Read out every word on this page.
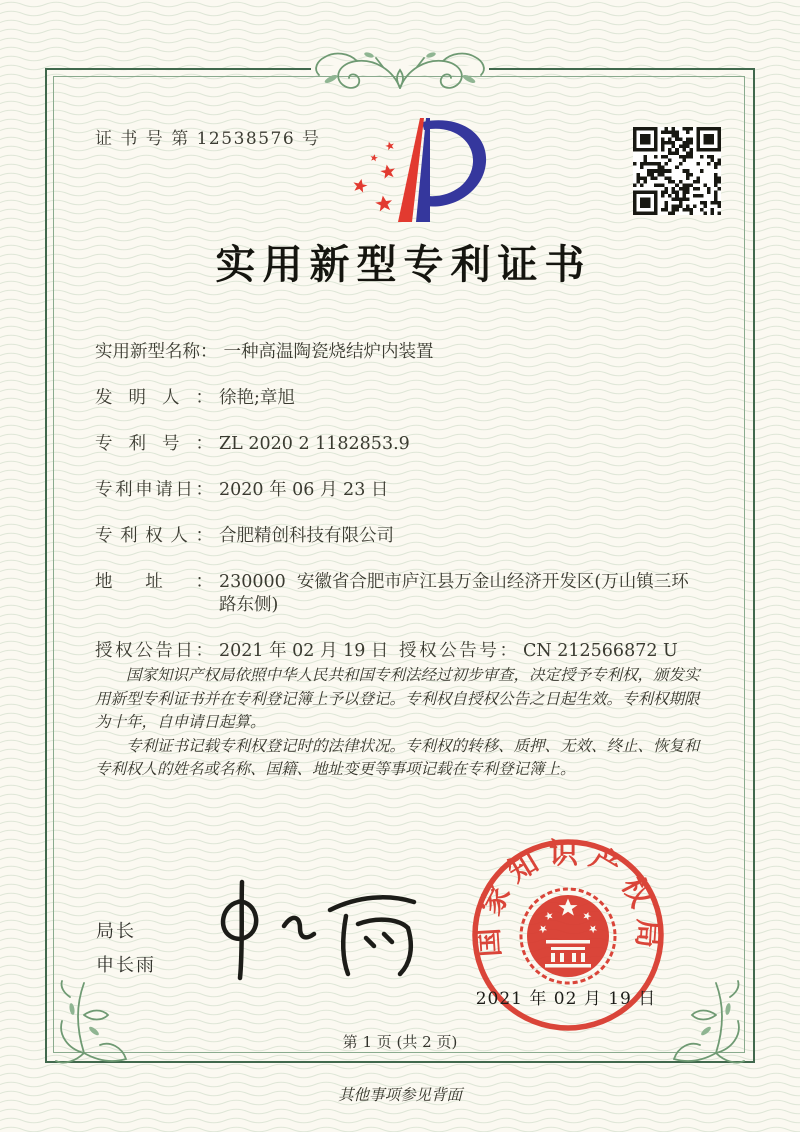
证 书 号 第 12538576 号
实用新型专利证书
实用新型名称： 一种高温陶瓷烧结炉内装置
发明人： 徐艳;章旭
专利号： ZL 2020 2 1182853.9
专利申请日： 2020 年 06 月 23 日
专利权人： 合肥精创科技有限公司
地址： 230000  安徽省合肥市庐江县万金山经济开发区(万山镇三环路东侧)
授权公告日： 2021 年 02 月 19 日 授权公告号： CN 212566872 U

国家知识产权局依照中华人民共和国专利法经过初步审查，决定授予专利权，颁发实用新型专利证书并在专利登记簿上予以登记。专利权自授权公告之日起生效。专利权期限为十年，自申请日起算。

专利证书记载专利权登记时的法律状况。专利权的转移、质押、无效、终止、恢复和专利权人的姓名或名称、国籍、地址变更等事项记载在专利登记簿上。

局长
申长雨
国家知识产权局
2021 年 02 月 19 日
第 1 页 (共 2 页)
其他事项参见背面
